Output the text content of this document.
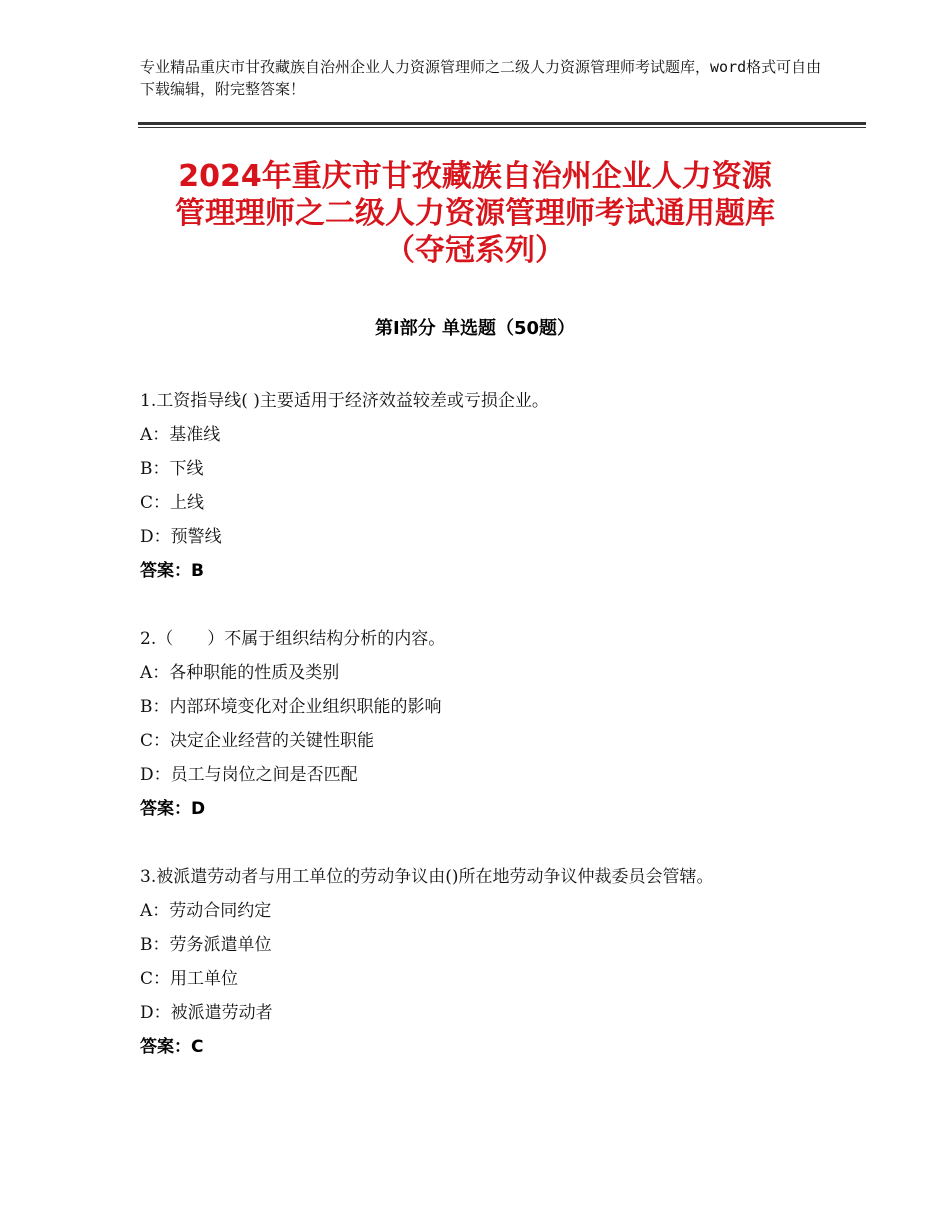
专业精品重庆市甘孜藏族自治州企业人力资源管理师之二级人力资源管理师考试题库，word格式可自由下载编辑，附完整答案！
2024年重庆市甘孜藏族自治州企业人力资源
管理理师之二级人力资源管理师考试通用题库
（夺冠系列）
第Ⅰ部分 单选题（50题）
1.工资指导线( )主要适用于经济效益较差或亏损企业。
A：基准线
B：下线
C：上线
D：预警线
答案：B
2.（　　）不属于组织结构分析的内容。
A：各种职能的性质及类别
B：内部环境变化对企业组织职能的影响
C：决定企业经营的关键性职能
D：员工与岗位之间是否匹配
答案：D
3.被派遣劳动者与用工单位的劳动争议由()所在地劳动争议仲裁委员会管辖。
A：劳动合同约定
B：劳务派遣单位
C：用工单位
D：被派遣劳动者
答案：C
